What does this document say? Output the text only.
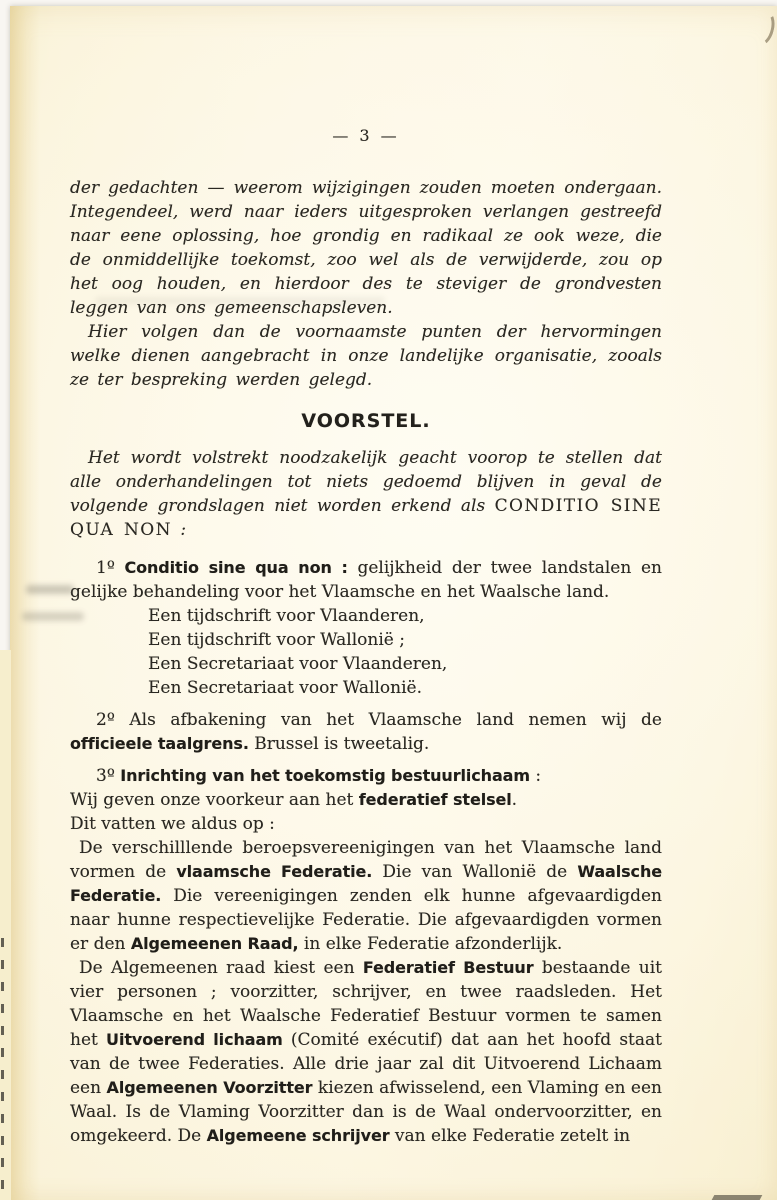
— 3 —

der gedachten — weerom wijzigingen zouden moeten ondergaan. Integendeel, werd naar ieders uitgesproken verlangen gestreefd naar eene oplossing, hoe grondig en radikaal ze ook weze, die de onmiddellijke toekomst, zoo wel als de verwijderde, zou op het oog houden, en hierdoor des te steviger de grondvesten leggen van ons gemeenschapsleven.

Hier volgen dan de voornaamste punten der hervormingen welke dienen aangebracht in onze landelijke organisatie, zooals ze ter bespreking werden gelegd.

VOORSTEL.

Het wordt volstrekt noodzakelijk geacht voorop te stellen dat alle onderhandelingen tot niets gedoemd blijven in geval de volgende grondslagen niet worden erkend als CONDITIO SINE QUA NON :

1º Conditio sine qua non : gelijkheid der twee landstalen en gelijke behandeling voor het Vlaamsche en het Waalsche land.

Een tijdschrift voor Vlaanderen,
Een tijdschrift voor Wallonië ;
Een Secretariaat voor Vlaanderen,
Een Secretariaat voor Wallonië.

2º Als afbakening van het Vlaamsche land nemen wij de officieele taalgrens. Brussel is tweetalig.

3º Inrichting van het toekomstig bestuurlichaam :

Wij geven onze voorkeur aan het federatief stelsel.

Dit vatten we aldus op :

De verschilllende beroepsvereenigingen van het Vlaamsche land vormen de vlaamsche Federatie. Die van Wallonië de Waalsche Federatie. Die vereenigingen zenden elk hunne afgevaardigden naar hunne respectievelijke Federatie. Die afgevaardigden vormen er den Algemeenen Raad, in elke Federatie afzonderlijk.

De Algemeenen raad kiest een Federatief Bestuur bestaande uit vier personen ; voorzitter, schrijver, en twee raadsleden. Het Vlaamsche en het Waalsche Federatief Bestuur vormen te samen het Uitvoerend lichaam (Comité exécutif) dat aan het hoofd staat van de twee Federaties. Alle drie jaar zal dit Uitvoerend Lichaam een Algemeenen Voorzitter kiezen afwisselend, een Vlaming en een Waal. Is de Vlaming Voorzitter dan is de Waal ondervoorzitter, en omgekeerd. De Algemeene schrijver van elke Federatie zetelt in
